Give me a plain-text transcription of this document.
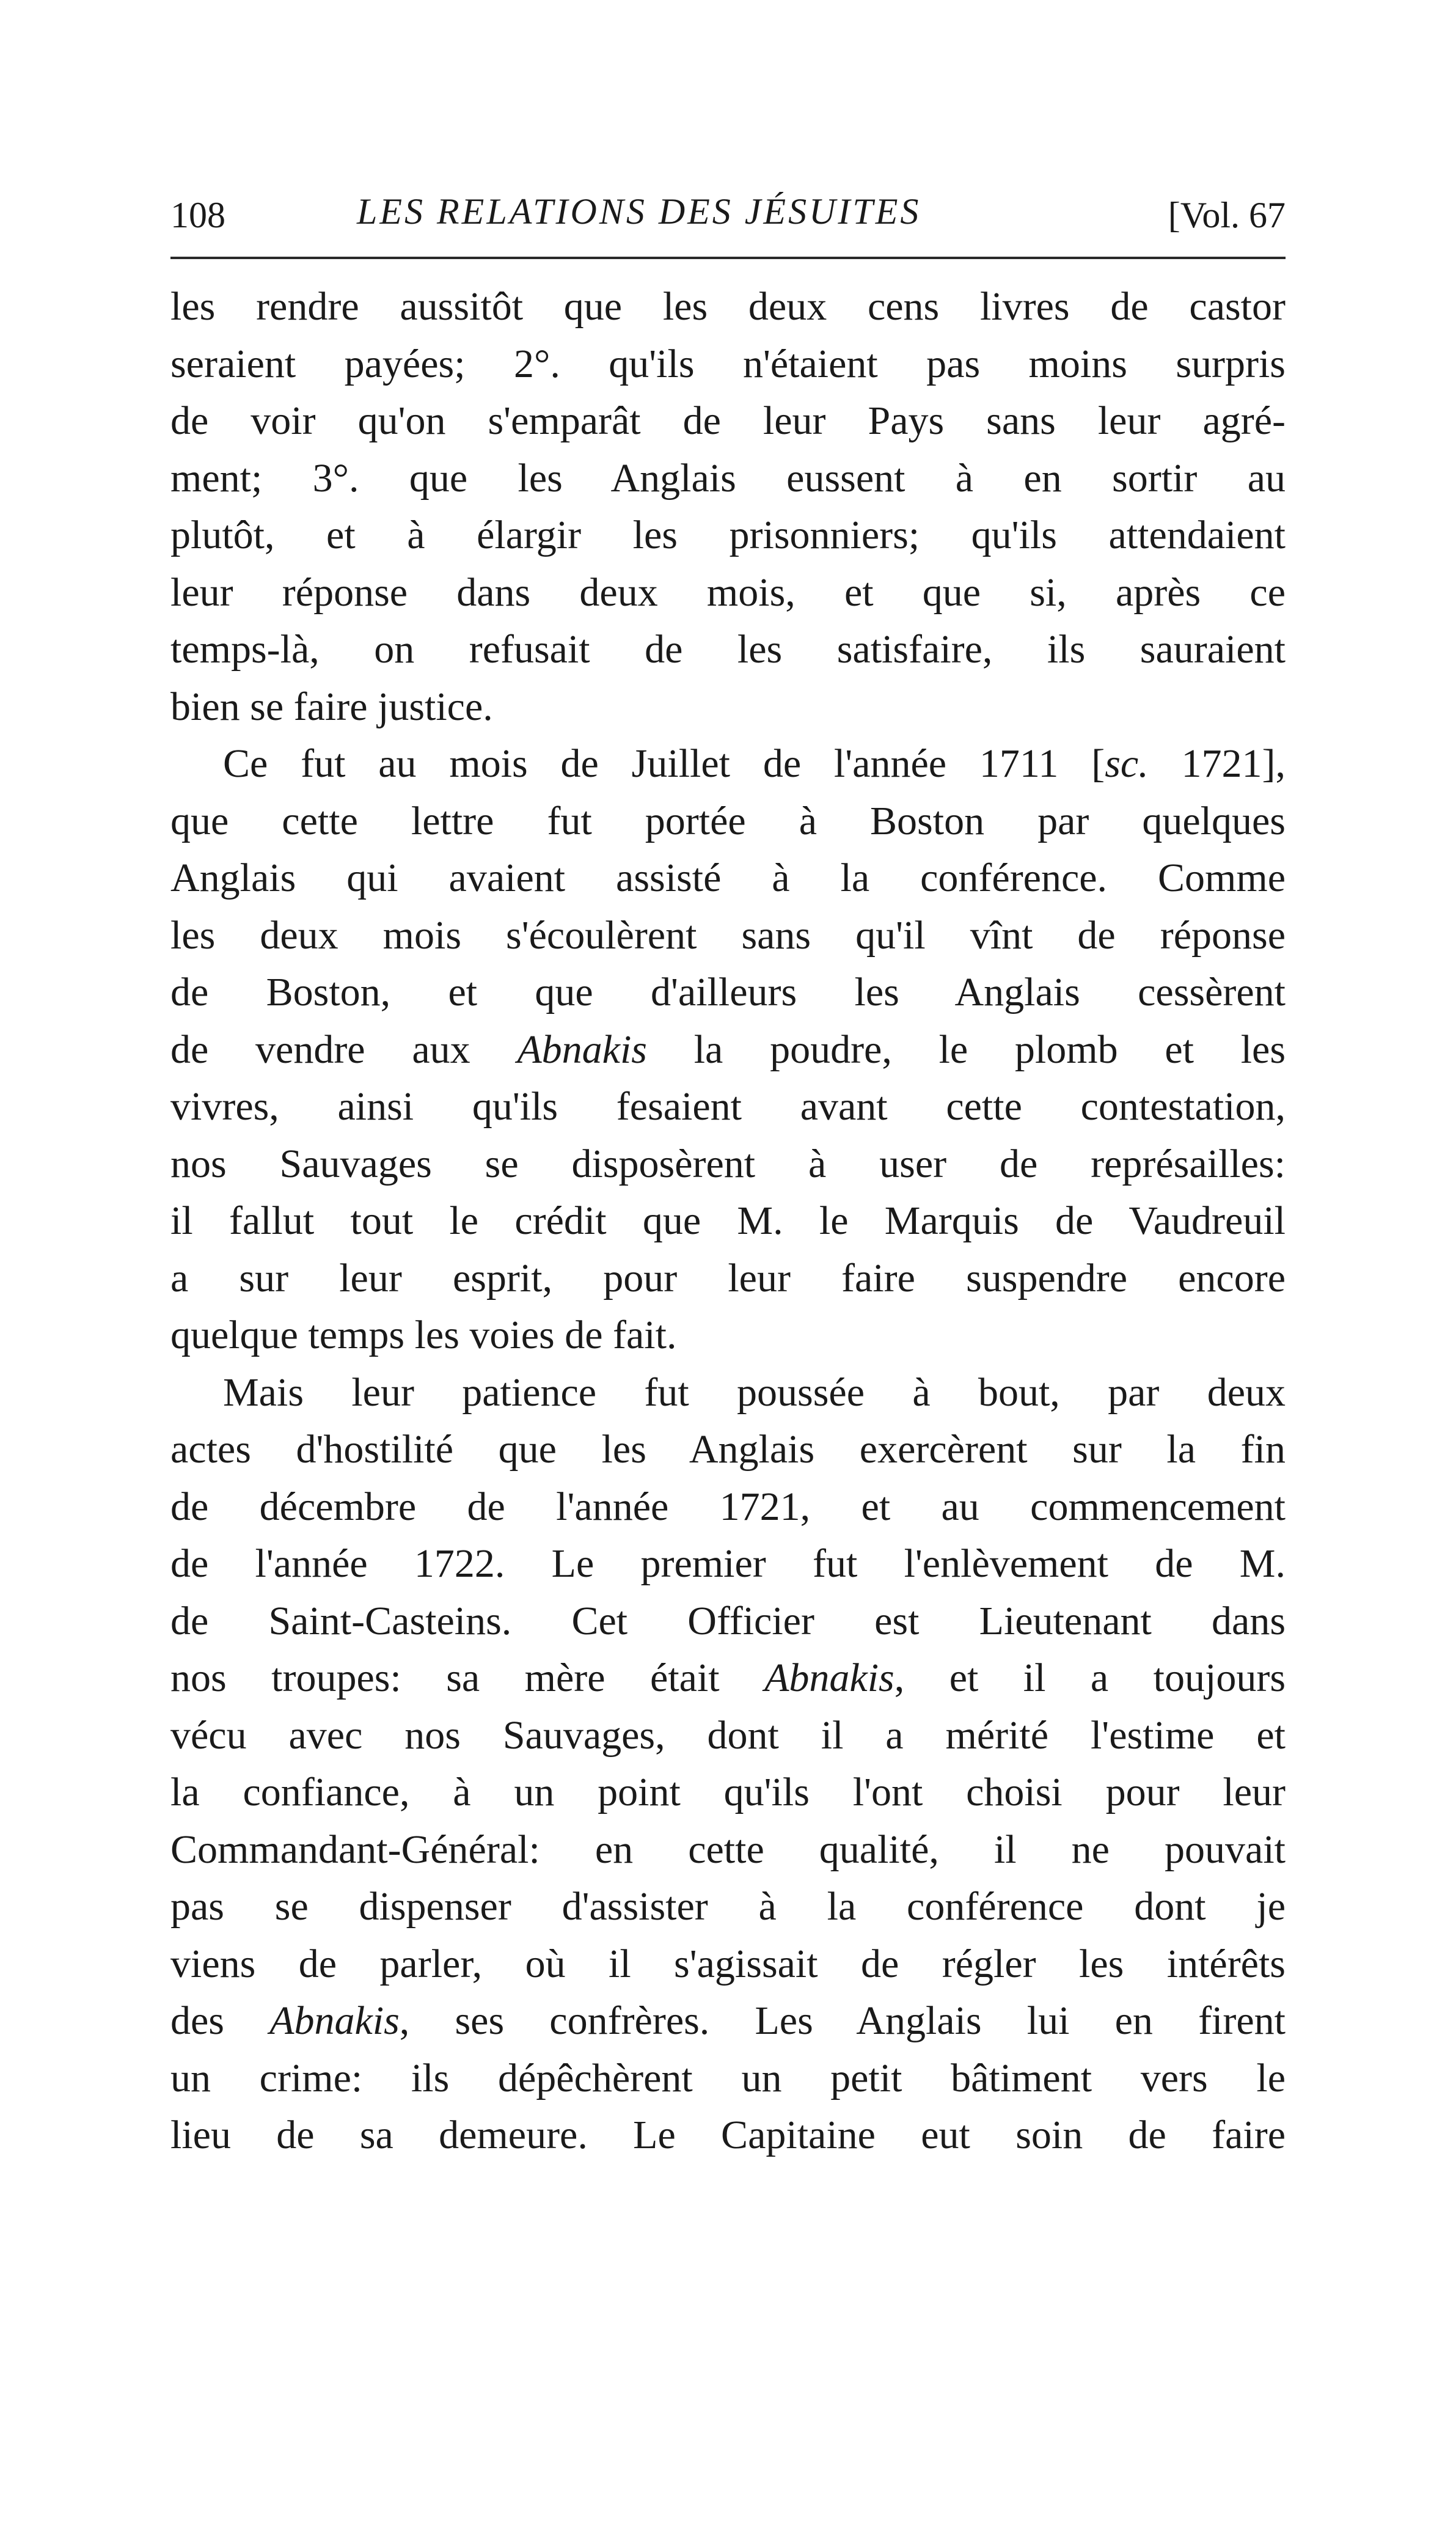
108	LES RELATIONS DES JÉSUITES	[Vol. 67
les rendre aussitôt que les deux cens livres de castor
seraient payées; 2°. qu'ils n'étaient pas moins surpris
de voir qu'on s'emparât de leur Pays sans leur agré-
ment; 3°. que les Anglais eussent à en sortir au
plutôt, et à élargir les prisonniers; qu'ils attendaient
leur réponse dans deux mois, et que si, après ce
temps-là, on refusait de les satisfaire, ils sauraient
bien se faire justice.
Ce fut au mois de Juillet de l'année 1711 [sc. 1721],
que cette lettre fut portée à Boston par quelques
Anglais qui avaient assisté à la conférence. Comme
les deux mois s'écoulèrent sans qu'il vînt de réponse
de Boston, et que d'ailleurs les Anglais cessèrent
de vendre aux Abnakis la poudre, le plomb et les
vivres, ainsi qu'ils fesaient avant cette contestation,
nos Sauvages se disposèrent à user de représailles:
il fallut tout le crédit que M. le Marquis de Vaudreuil
a sur leur esprit, pour leur faire suspendre encore
quelque temps les voies de fait.
Mais leur patience fut poussée à bout, par deux
actes d'hostilité que les Anglais exercèrent sur la fin
de décembre de l'année 1721, et au commencement
de l'année 1722. Le premier fut l'enlèvement de M.
de Saint-Casteins. Cet Officier est Lieutenant dans
nos troupes: sa mère était Abnakis, et il a toujours
vécu avec nos Sauvages, dont il a mérité l'estime et
la confiance, à un point qu'ils l'ont choisi pour leur
Commandant-Général: en cette qualité, il ne pouvait
pas se dispenser d'assister à la conférence dont je
viens de parler, où il s'agissait de régler les intérêts
des Abnakis, ses confrères. Les Anglais lui en firent
un crime: ils dépêchèrent un petit bâtiment vers le
lieu de sa demeure. Le Capitaine eut soin de faire
